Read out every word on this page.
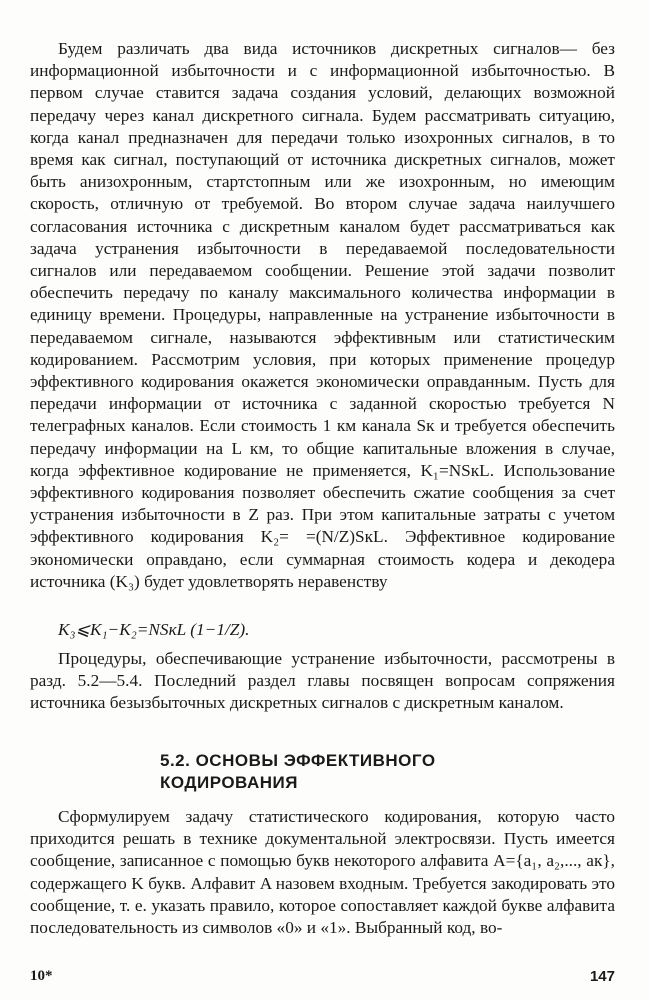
Будем различать два вида источников дискретных сигналов— без информационной избыточности и с информационной избыточностью. В первом случае ставится задача создания условий, делающих возможной передачу через канал дискретного сигнала. Будем рассматривать ситуацию, когда канал предназначен для передачи только изохронных сигналов, в то время как сигнал, поступающий от источника дискретных сигналов, может быть анизохронным, стартстопным или же изохронным, но имеющим скорость, отличную от требуемой. Во втором случае задача наилучшего согласования источника с дискретным каналом будет рассматриваться как задача устранения избыточности в передаваемой последовательности сигналов или передаваемом сообщении. Решение этой задачи позволит обеспечить передачу по каналу максимального количества информации в единицу времени. Процедуры, направленные на устранение избыточности в передаваемом сигнале, называются эффективным или статистическим кодированием. Рассмотрим условия, при которых применение процедур эффективного кодирования окажется экономически оправданным. Пусть для передачи информации от источника с заданной скоростью требуется N телеграфных каналов. Если стоимость 1 км канала Sк и требуется обеспечить передачу информации на L км, то общие капитальные вложения в случае, когда эффективное кодирование не применяется, K₁=NSкL. Использование эффективного кодирования позволяет обеспечить сжатие сообщения за счет устранения избыточности в Z раз. При этом капитальные затраты с учетом эффективного кодирования K₂= =(N/Z)SкL. Эффективное кодирование экономически оправдано, если суммарная стоимость кодера и декодера источника (K₃) будет удовлетворять неравенству
K₃⩽K₁−K₂=NSкL (1−1/Z).
Процедуры, обеспечивающие устранение избыточности, рассмотрены в разд. 5.2—5.4. Последний раздел главы посвящен вопросам сопряжения источника безызбыточных дискретных сигналов с дискретным каналом.
5.2. ОСНОВЫ ЭФФЕКТИВНОГО
КОДИРОВАНИЯ
Сформулируем задачу статистического кодирования, которую часто приходится решать в технике документальной электросвязи. Пусть имеется сообщение, записанное с помощью букв некоторого алфавита A={a₁, a₂,..., aк}, содержащего K букв. Алфавит A назовем входным. Требуется закодировать это сообщение, т. е. указать правило, которое сопоставляет каждой букве алфавита последовательность из символов «0» и «1». Выбранный код, во-
10*	147
